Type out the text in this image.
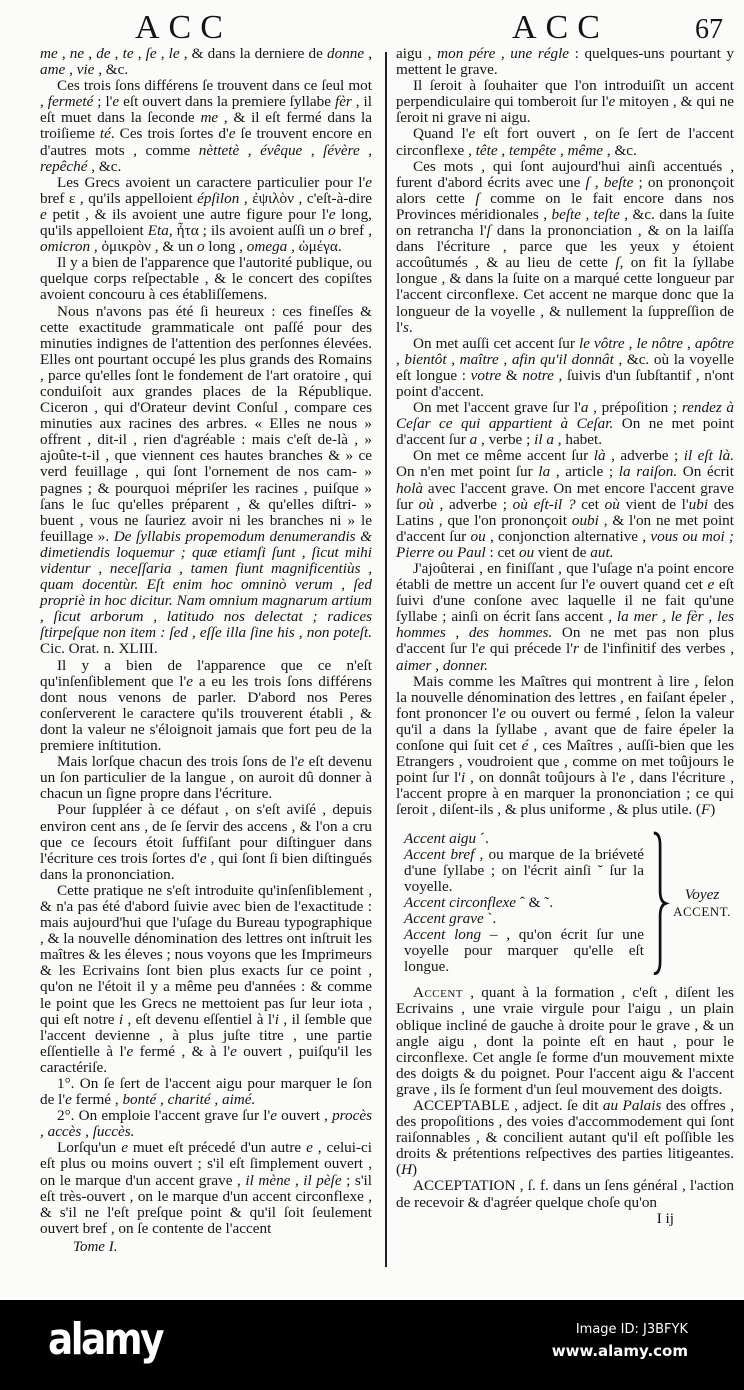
ACC	ACC	67

me , ne , de , te , ſe , le , & dans la derniere de donne , ame , vie , &c.

Ces trois ſons différens ſe trouvent dans ce ſeul mot , fermeté ; l'e eſt ouvert dans la premiere ſyllabe fèr , il eſt muet dans la ſeconde me , & il eſt fermé dans la troiſieme té. Ces trois ſortes d'e ſe trouvent encore en d'autres mots , comme nèttetè , évêque , ſévère , repêché , &c.

Les Grecs avoient un caractere particulier pour l'e bref ε , qu'ils appelloient épſilon , ἐψιλὸν , c'eſt-à-dire e petit , & ils avoient une autre figure pour l'e long, qu'ils appelloient Eta, ἦτα ; ils avoient auſſi un o bref , omicron , ὀμικρὸν , & un o long , omega , ὠμέγα.

Il y a bien de l'apparence que l'autorité publique, ou quelque corps reſpectable , & le concert des copiſtes avoient concouru à ces établiſſemens.

Nous n'avons pas été ſi heureux : ces fineſſes & cette exactitude grammaticale ont paſſé pour des minuties indignes de l'attention des perſonnes élevées. Elles ont pourtant occupé les plus grands des Romains , parce qu'elles ſont le fondement de l'art oratoire , qui conduiſoit aux grandes places de la République. Ciceron , qui d'Orateur devint Conſul , compare ces minuties aux racines des arbres. « Elles ne nous » offrent , dit-il , rien d'agréable : mais c'eſt de-là , » ajoûte-t-il , que viennent ces hautes branches & » ce verd feuillage , qui ſont l'ornement de nos cam- » pagnes ; & pourquoi mépriſer les racines , puiſque » ſans le ſuc qu'elles préparent , & qu'elles diſtri- » buent , vous ne ſauriez avoir ni les branches ni » le feuillage ». De ſyllabis propemodum denumerandis & dimetiendis loquemur ; quæ etiamſi ſunt , ſicut mihi videntur , neceſſaria , tamen fiunt magnificentiùs , quam docentùr. Eſt enim hoc omninò verum , ſed propriè in hoc dicitur. Nam omnium magnarum artium , ſicut arborum , latitudo nos delectat ; radices ſtirpeſque non item : ſed , eſſe illa ſine his , non poteſt. Cic. Orat. n. XLIII.

Il y a bien de l'apparence que ce n'eſt qu'inſenſiblement que l'e a eu les trois ſons différens dont nous venons de parler. D'abord nos Peres conſerverent le caractere qu'ils trouverent établi , & dont la valeur ne s'éloignoit jamais que fort peu de la premiere inſtitution.

Mais lorſque chacun des trois ſons de l'e eſt devenu un ſon particulier de la langue , on auroit dû donner à chacun un ſigne propre dans l'écriture.

Pour ſuppléer à ce défaut , on s'eſt aviſé , depuis environ cent ans , de ſe ſervir des accens , & l'on a cru que ce ſecours étoit ſuffiſant pour diſtinguer dans l'écriture ces trois ſortes d'e , qui ſont ſi bien diſtingués dans la prononciation.

Cette pratique ne s'eſt introduite qu'inſenſiblement , & n'a pas été d'abord ſuivie avec bien de l'exactitude : mais aujourd'hui que l'uſage du Bureau typographique , & la nouvelle dénomination des lettres ont inſtruit les maîtres & les éleves ; nous voyons que les Imprimeurs & les Ecrivains ſont bien plus exacts ſur ce point , qu'on ne l'étoit il y a même peu d'années : & comme le point que les Grecs ne mettoient pas ſur leur iota , qui eſt notre i , eſt devenu eſſentiel à l'i , il ſemble que l'accent devienne , à plus juſte titre , une partie eſſentielle à l'e fermé , & à l'e ouvert , puiſqu'il les caractériſe.

1°. On ſe ſert de l'accent aigu pour marquer le ſon de l'e fermé , bonté , charité , aimé.

2°. On emploie l'accent grave ſur l'e ouvert , procès , accès , ſuccès.

Lorſqu'un e muet eſt précedé d'un autre e , celui-ci eſt plus ou moins ouvert ; s'il eſt ſimplement ouvert , on le marque d'un accent grave , il mène , il pèſe ; s'il eſt très-ouvert , on le marque d'un accent circonflexe , & s'il ne l'eſt preſque point & qu'il ſoit ſeulement ouvert bref , on ſe contente de l'accent

Tome I.

aigu , mon pére , une régle : quelques-uns pourtant y mettent le grave.

Il ſeroit à ſouhaiter que l'on introduiſît un accent perpendiculaire qui tomberoit ſur l'e mitoyen , & qui ne ſeroit ni grave ni aigu.

Quand l'e eſt fort ouvert , on ſe ſert de l'accent circonflexe , tête , tempête , même , &c.

Ces mots , qui ſont aujourd'hui ainſi accentués , furent d'abord écrits avec une ſ , beſte ; on prononçoit alors cette ſ comme on le fait encore dans nos Provinces méridionales , beſte , teſte , &c. dans la ſuite on retrancha l'ſ dans la prononciation , & on la laiſſa dans l'écriture , parce que les yeux y étoient accoûtumés , & au lieu de cette ſ, on fit la ſyllabe longue , & dans la ſuite on a marqué cette longueur par l'accent circonflexe. Cet accent ne marque donc que la longueur de la voyelle , & nullement la ſuppreſſion de l's.

On met auſſi cet accent ſur le vôtre , le nôtre , apôtre , bientôt , maître , afin qu'il donnât , &c. où la voyelle eſt longue : votre & notre , ſuivis d'un ſubſtantif , n'ont point d'accent.

On met l'accent grave ſur l'a , prépoſition ; rendez à Ceſar ce qui appartient à Ceſar. On ne met point d'accent ſur a , verbe ; il a , habet.

On met ce même accent ſur là , adverbe ; il eſt là. On n'en met point ſur la , article ; la raiſon. On écrit holà avec l'accent grave. On met encore l'accent grave ſur où , adverbe ; où eſt-il ? cet où vient de l'ubi des Latins , que l'on prononçoit oubi , & l'on ne met point d'accent ſur ou , conjonction alternative , vous ou moi ; Pierre ou Paul : cet ou vient de aut.

J'ajoûterai , en finiſſant , que l'uſage n'a point encore établi de mettre un accent ſur l'e ouvert quand cet e eſt ſuivi d'une conſone avec laquelle il ne fait qu'une ſyllabe ; ainſi on écrit ſans accent , la mer , le fèr , les hommes , des hommes. On ne met pas non plus d'accent ſur l'e qui précede l'r de l'infinitif des verbes , aimer , donner.

Mais comme les Maîtres qui montrent à lire , ſelon la nouvelle dénomination des lettres , en faiſant épeler , font prononcer l'e ou ouvert ou fermé , ſelon la valeur qu'il a dans la ſyllabe , avant que de faire épeler la conſone qui ſuit cet é , ces Maîtres , auſſi-bien que les Etrangers , voudroient que , comme on met toûjours le point ſur l'i , on donnât toûjours à l'e , dans l'écriture , l'accent propre à en marquer la prononciation ; ce qui ſeroit , diſent-ils , & plus uniforme , & plus utile. (F)

Accent aigu ˊ.

Accent bref , ou marque de la briéveté d'une ſyllabe ; on l'écrit ainſi ˘ ſur la voyelle.

Accent circonflexe ˆ & ˜.

Accent grave ˋ.

Accent long – , qu'on écrit ſur une voyelle pour marquer qu'elle eſt longue.

Voyez
ACCENT.

Accent , quant à la formation , c'eſt , diſent les Ecrivains , une vraie virgule pour l'aigu , un plain oblique incliné de gauche à droite pour le grave , & un angle aigu , dont la pointe eſt en haut , pour le circonflexe. Cet angle ſe forme d'un mouvement mixte des doigts & du poignet. Pour l'accent aigu & l'accent grave , ils ſe forment d'un ſeul mouvement des doigts.

ACCEPTABLE , adject. ſe dit au Palais des offres , des propoſitions , des voies d'accommodement qui ſont raiſonnables , & concilient autant qu'il eſt poſſible les droits & prétentions reſpectives des parties litigeantes. (H)

ACCEPTATION , ſ. f. dans un ſens général , l'action de recevoir & d'agréer quelque choſe qu'on

I ij
alamy	Image ID: J3BFYK
www.alamy.com
